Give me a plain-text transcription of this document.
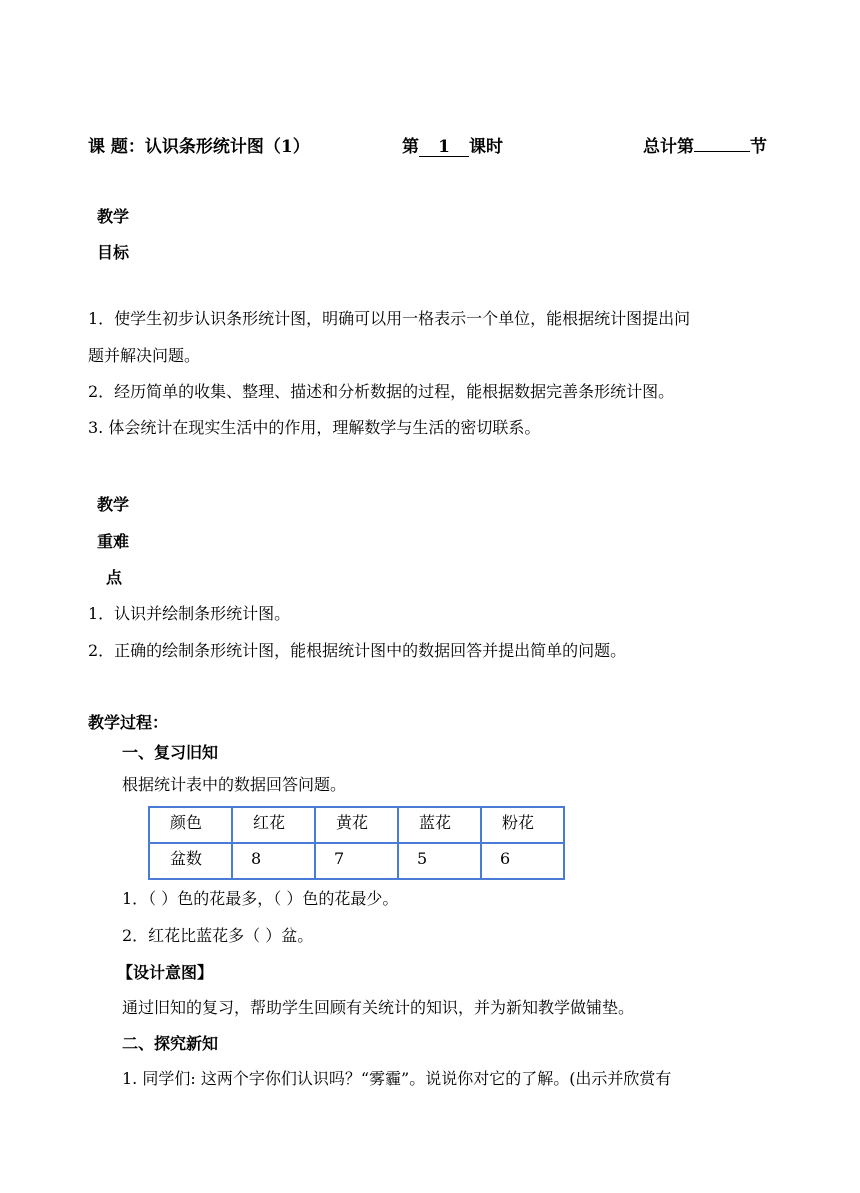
课 题：认识条形统计图（1）	第 1 课时	总计第	节
教学
目标
1．使学生初步认识条形统计图，明确可以用一格表示一个单位，能根据统计图提出问
题并解决问题。
2．经历简单的收集、整理、描述和分析数据的过程，能根据数据完善条形统计图。
3. 体会统计在现实生活中的作用，理解数学与生活的密切联系。
教学
重难
点
1．认识并绘制条形统计图。
2．正确的绘制条形统计图，能根据统计图中的数据回答并提出简单的问题。
教学过程：
一、复习旧知
根据统计表中的数据回答问题。
颜色	红花	黄花	蓝花	粉花
盆数	8	7	5	6
1．（ ）色的花最多，（ ）色的花最少。
2．红花比蓝花多（ ）盆。
【设计意图】
通过旧知的复习，帮助学生回顾有关统计的知识，并为新知教学做铺垫。
二、探究新知
1. 同学们: 这两个字你们认识吗？“雾霾”。说说你对它的了解。(出示并欣赏有
